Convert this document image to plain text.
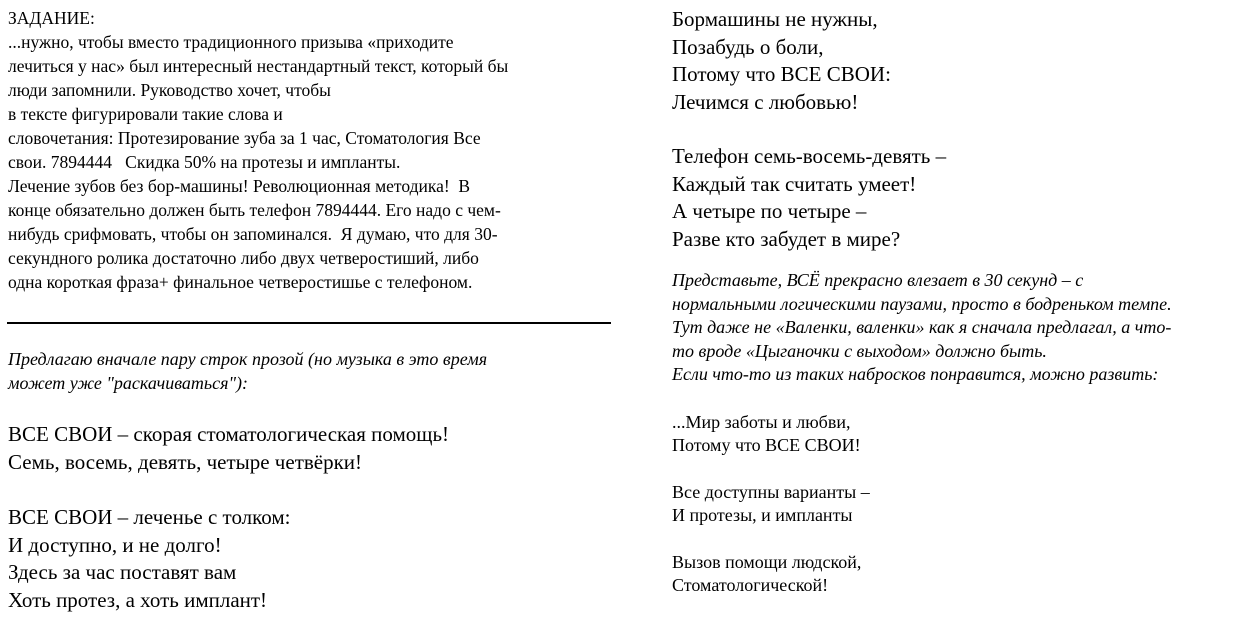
ЗАДАНИЕ:
...нужно, чтобы вместо традиционного призыва «приходите
лечиться у нас» был интересный нестандартный текст, который бы
люди запомнили. Руководство хочет, чтобы
в тексте фигурировали такие слова и
словочетания: Протезирование зуба за 1 час, Стоматология Все
свои. 7894444   Скидка 50% на протезы и импланты.
Лечение зубов без бор-машины! Революционная методика!  В
конце обязательно должен быть телефон 7894444. Его надо с чем-
нибудь срифмовать, чтобы он запоминался.  Я думаю, что для 30-
секундного ролика достаточно либо двух четверостиший, либо
одна короткая фраза+ финальное четверостишье с телефоном.
Предлагаю вначале пару строк прозой (но музыка в это время
может уже "раскачиваться"):
ВСЕ СВОИ – скорая стоматологическая помощь!
Семь, восемь, девять, четыре четвёрки!
ВСЕ СВОИ – леченье с толком:
И доступно, и не долго!
Здесь за час поставят вам
Хоть протез, а хоть имплант!
Бормашины не нужны,
Позабудь о боли,
Потому что ВСЕ СВОИ:
Лечимся с любовью!
Телефон семь-восемь-девять –
Каждый так считать умеет!
А четыре по четыре –
Разве кто забудет в мире?
Представьте, ВСЁ прекрасно влезает в 30 секунд – с
нормальными логическими паузами, просто в бодреньком темпе.
Тут даже не «Валенки, валенки» как я сначала предлагал, а что-
то вроде «Цыганочки с выходом» должно быть.
Если что-то из таких набросков понравится, можно развить:
...Мир заботы и любви,
Потому что ВСЕ СВОИ!
Все доступны варианты –
И протезы, и импланты
Вызов помощи людской,
Стоматологической!
